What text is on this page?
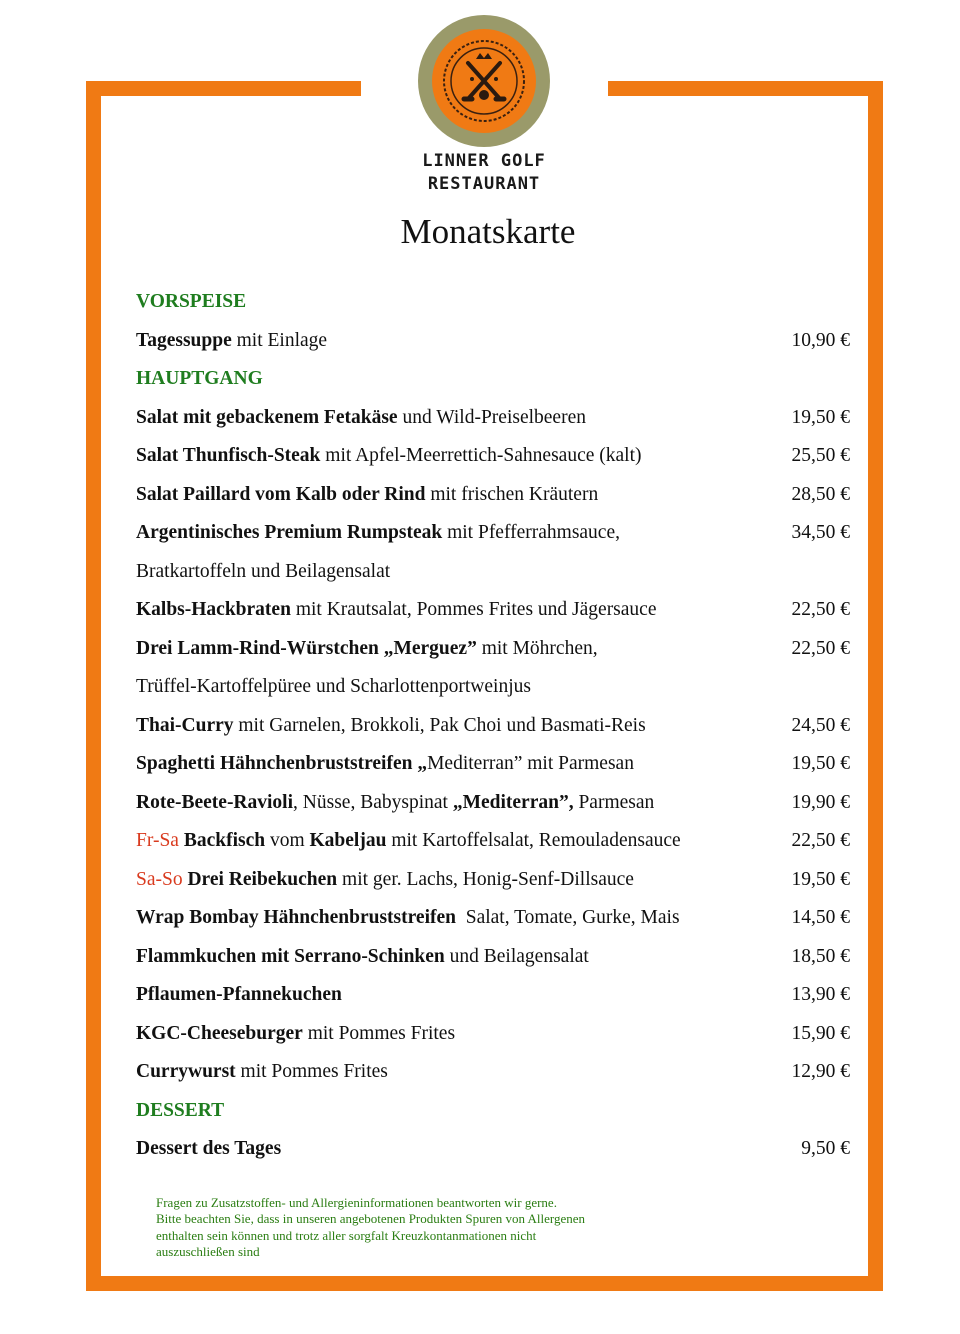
LINNER GOLF
RESTAURANT
Monatskarte
VORSPEISE
Tagessuppe mit Einlage	10,90 €
HAUPTGANG
Salat mit gebackenem Fetakäse und Wild-Preiselbeeren	19,50 €
Salat Thunfisch-Steak mit Apfel-Meerrettich-Sahnesauce (kalt)	25,50 €
Salat Paillard vom Kalb oder Rind mit frischen Kräutern	28,50 €
Argentinisches Premium Rumpsteak mit Pfefferrahmsauce,	34,50 €
Bratkartoffeln und Beilagensalat
Kalbs-Hackbraten mit Krautsalat, Pommes Frites und Jägersauce	22,50 €
Drei Lamm-Rind-Würstchen „Merguez” mit Möhrchen,	22,50 €
Trüffel-Kartoffelpüree und Scharlottenportweinjus
Thai-Curry mit Garnelen, Brokkoli, Pak Choi und Basmati-Reis	24,50 €
Spaghetti Hähnchenbruststreifen „Mediterran” mit Parmesan	19,50 €
Rote-Beete-Ravioli, Nüsse, Babyspinat „Mediterran”, Parmesan	19,90 €
Fr-Sa Backfisch vom Kabeljau mit Kartoffelsalat, Remouladensauce	22,50 €
Sa-So Drei Reibekuchen mit ger. Lachs, Honig-Senf-Dillsauce	19,50 €
Wrap Bombay Hähnchenbruststreifen  Salat, Tomate, Gurke, Mais	14,50 €
Flammkuchen mit Serrano-Schinken und Beilagensalat	18,50 €
Pflaumen-Pfannekuchen	13,90 €
KGC-Cheeseburger mit Pommes Frites	15,90 €
Currywurst mit Pommes Frites	12,90 €
DESSERT
Dessert des Tages	9,50 €
Fragen zu Zusatzstoffen- und Allergieninformationen beantworten wir gerne.
Bitte beachten Sie, dass in unseren angebotenen Produkten Spuren von Allergenen
enthalten sein können und trotz aller sorgfalt Kreuzkontanmationen nicht
auszuschließen sind
